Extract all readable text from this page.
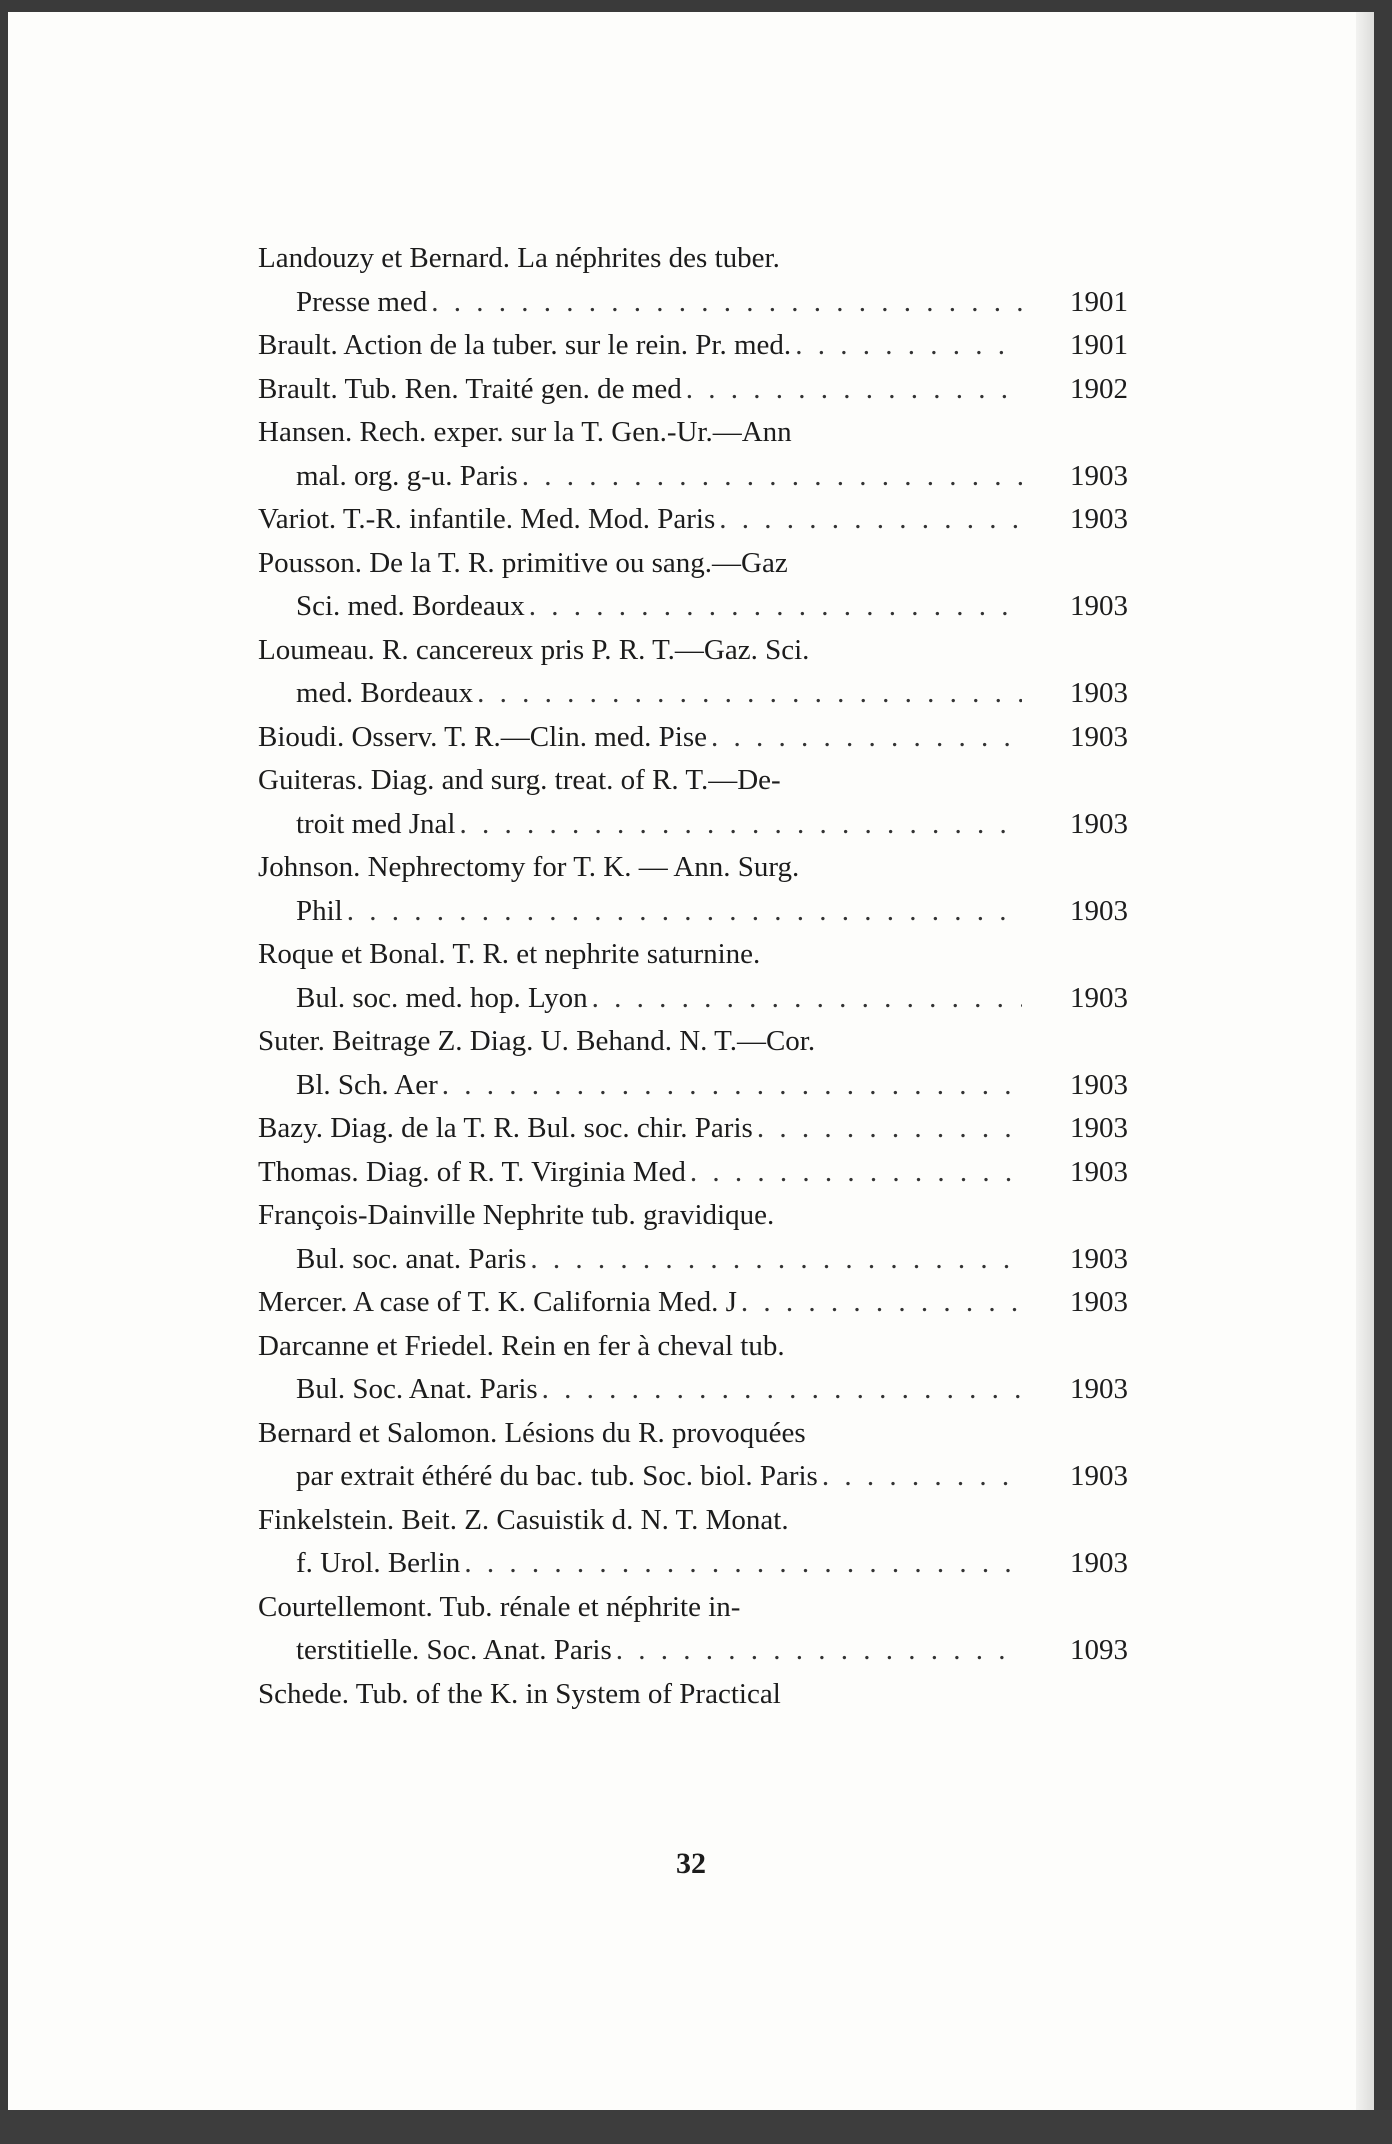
Landouzy et Bernard. La néphrites des tuber.
Presse med . . .	1901
Brault. Action de la tuber. sur le rein. Pr. med. . . .	1901
Brault. Tub. Ren. Traité gen. de med . . .	1902
Hansen. Rech. exper. sur la T. Gen.-Ur.—Ann
mal. org. g-u. Paris . . .	1903
Variot. T.-R. infantile. Med. Mod. Paris . . .	1903
Pousson. De la T. R. primitive ou sang.—Gaz
Sci. med. Bordeaux . . .	1903
Loumeau. R. cancereux pris P. R. T.—Gaz. Sci.
med. Bordeaux . . .	1903
Bioudi. Osserv. T. R.—Clin. med. Pise . . .	1903
Guiteras. Diag. and surg. treat. of R. T.—De-
troit med Jnal . . .	1903
Johnson. Nephrectomy for T. K. — Ann. Surg.
Phil . . .	1903
Roque et Bonal. T. R. et nephrite saturnine.
Bul. soc. med. hop. Lyon . . .	1903
Suter. Beitrage Z. Diag. U. Behand. N. T.—Cor.
Bl. Sch. Aer . . .	1903
Bazy. Diag. de la T. R. Bul. soc. chir. Paris . . .	1903
Thomas. Diag. of R. T. Virginia Med . . .	1903
François-Dainville Nephrite tub. gravidique.
Bul. soc. anat. Paris . . .	1903
Mercer. A case of T. K. California Med. J . . .	1903
Darcanne et Friedel. Rein en fer à cheval tub.
Bul. Soc. Anat. Paris . . .	1903
Bernard et Salomon. Lésions du R. provoquées
par extrait éthéré du bac. tub. Soc. biol. Paris . . .	1903
Finkelstein. Beit. Z. Casuistik d. N. T. Monat.
f. Urol. Berlin . . .	1903
Courtellemont. Tub. rénale et néphrite in-
terstitielle. Soc. Anat. Paris . . .	1093
Schede. Tub. of the K. in System of Practical
32
